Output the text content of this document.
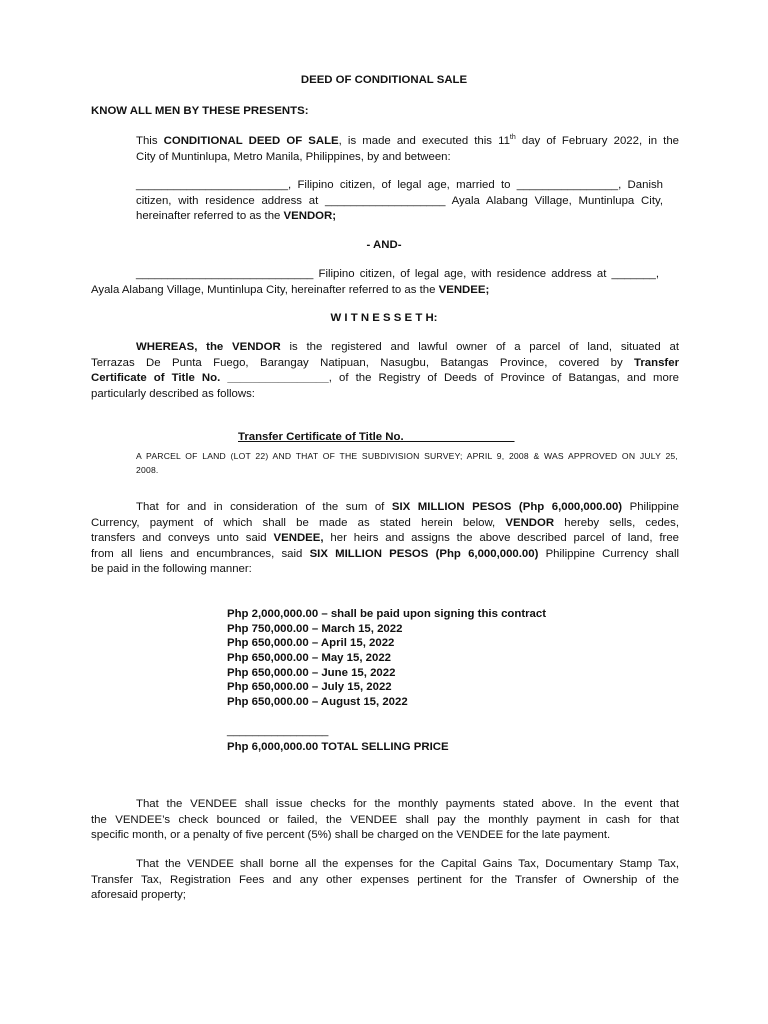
DEED OF CONDITIONAL SALE
KNOW ALL MEN BY THESE PRESENTS:
This CONDITIONAL DEED OF SALE, is made and executed this 11th day of February 2022, in the
City of Muntinlupa, Metro Manila, Philippines, by and between:
________________________, Filipino citizen, of legal age, married to ________________, Danish
citizen, with residence address at ___________________ Ayala Alabang Village, Muntinlupa City,
hereinafter referred to as the VENDOR;
- AND-
____________________________ Filipino citizen, of legal age, with residence address at _______,
Ayala Alabang Village, Muntinlupa City, hereinafter referred to as the VENDEE;
W I T N E S S E T H:
WHEREAS, the VENDOR is the registered and lawful owner of a parcel of land, situated at
Terrazas De Punta Fuego, Barangay Natipuan, Nasugbu, Batangas Province, covered by Transfer
Certificate of Title No. ________________, of the Registry of Deeds of Province of Batangas, and more
particularly described as follows:
Transfer Certificate of Title No. _________________
A PARCEL OF LAND (LOT 22) AND THAT OF THE SUBDIVISION SURVEY; APRIL 9, 2008 & WAS APPROVED ON JULY 25,
2008.
That for and in consideration of the sum of SIX MILLION PESOS (Php 6,000,000.00) Philippine
Currency, payment of which shall be made as stated herein below, VENDOR hereby sells, cedes,
transfers and conveys unto said VENDEE, her heirs and assigns the above described parcel of land, free
from all liens and encumbrances, said SIX MILLION PESOS (Php 6,000,000.00) Philippine Currency shall
be paid in the following manner:
Php 2,000,000.00 – shall be paid upon signing this contract
Php 750,000.00 – March 15, 2022
Php 650,000.00 – April 15, 2022
Php 650,000.00 – May 15, 2022
Php 650,000.00 – June 15, 2022
Php 650,000.00 – July 15, 2022
Php 650,000.00 – August 15, 2022
________________
Php 6,000,000.00 TOTAL SELLING PRICE
That the VENDEE shall issue checks for the monthly payments stated above. In the event that
the VENDEE’s check bounced or failed, the VENDEE shall pay the monthly payment in cash for that
specific month, or a penalty of five percent (5%) shall be charged on the VENDEE for the late payment.
That the VENDEE shall borne all the expenses for the Capital Gains Tax, Documentary Stamp Tax,
Transfer Tax, Registration Fees and any other expenses pertinent for the Transfer of Ownership of the
aforesaid property;
